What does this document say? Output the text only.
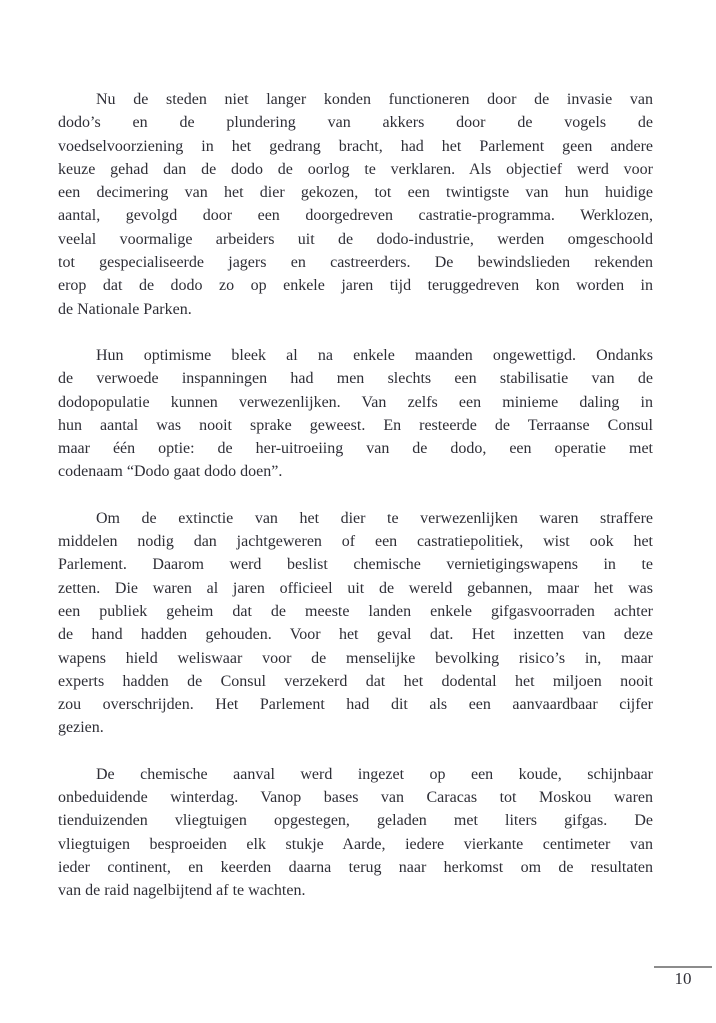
Nu de steden niet langer konden functioneren door de invasie van
dodo’s en de plundering van akkers door de vogels de
voedselvoorziening in het gedrang bracht, had het Parlement geen andere
keuze gehad dan de dodo de oorlog te verklaren. Als objectief werd voor
een decimering van het dier gekozen, tot een twintigste van hun huidige
aantal, gevolgd door een doorgedreven castratie-programma. Werklozen,
veelal voormalige arbeiders uit de dodo-industrie, werden omgeschoold
tot gespecialiseerde jagers en castreerders. De bewindslieden rekenden
erop dat de dodo zo op enkele jaren tijd teruggedreven kon worden in
de Nationale Parken.
Hun optimisme bleek al na enkele maanden ongewettigd. Ondanks
de verwoede inspanningen had men slechts een stabilisatie van de
dodopopulatie kunnen verwezenlijken. Van zelfs een minieme daling in
hun aantal was nooit sprake geweest. En resteerde de Terraanse Consul
maar één optie: de her-uitroeiing van de dodo, een operatie met
codenaam “Dodo gaat dodo doen”.
Om de extinctie van het dier te verwezenlijken waren straffere
middelen nodig dan jachtgeweren of een castratiepolitiek, wist ook het
Parlement. Daarom werd beslist chemische vernietigingswapens in te
zetten. Die waren al jaren officieel uit de wereld gebannen, maar het was
een publiek geheim dat de meeste landen enkele gifgasvoorraden achter
de hand hadden gehouden. Voor het geval dat. Het inzetten van deze
wapens hield weliswaar voor de menselijke bevolking risico’s in, maar
experts hadden de Consul verzekerd dat het dodental het miljoen nooit
zou overschrijden. Het Parlement had dit als een aanvaardbaar cijfer
gezien.
De chemische aanval werd ingezet op een koude, schijnbaar
onbeduidende winterdag. Vanop bases van Caracas tot Moskou waren
tienduizenden vliegtuigen opgestegen, geladen met liters gifgas. De
vliegtuigen besproeiden elk stukje Aarde, iedere vierkante centimeter van
ieder continent, en keerden daarna terug naar herkomst om de resultaten
van de raid nagelbijtend af te wachten.
10
